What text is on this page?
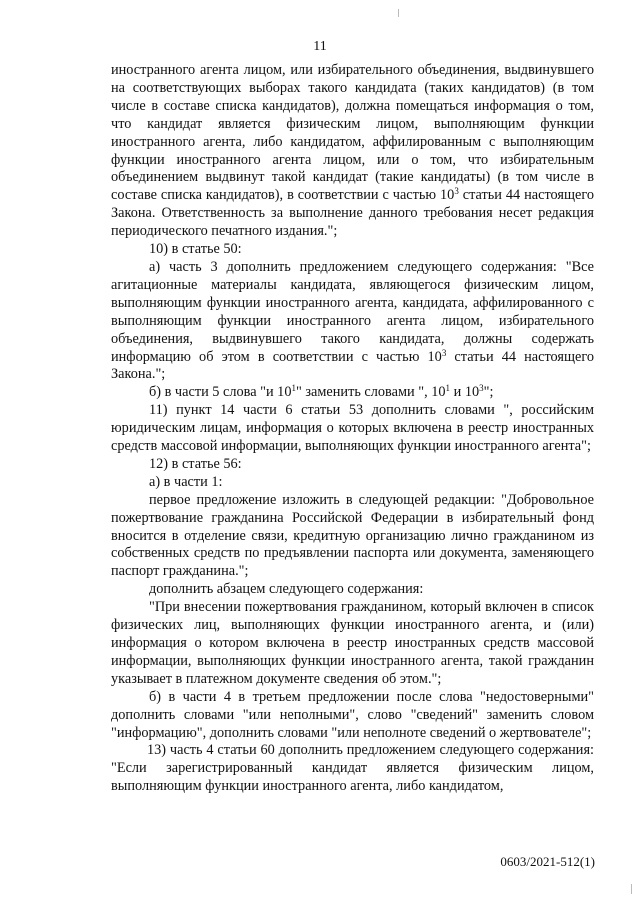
11

иностранного агента лицом, или избирательного объединения, выдвинувшего на соответствующих выборах такого кандидата (таких кандидатов) (в том числе в составе списка кандидатов), должна помещаться информация о том, что кандидат является физическим лицом, выполняющим функции иностранного агента, либо кандидатом, аффилированным с выполняющим функции иностранного агента лицом, или о том, что избирательным объединением выдвинут такой кандидат (такие кандидаты) (в том числе в составе списка кандидатов), в соответствии с частью $10^3$ статьи 44 настоящего Закона. Ответственность за выполнение данного требования несет редакция периодического печатного издания.";

10) в статье 50:

а) часть 3 дополнить предложением следующего содержания: "Все агитационные материалы кандидата, являющегося физическим лицом, выполняющим функции иностранного агента, кандидата, аффилированного с выполняющим функции иностранного агента лицом, избирательного объединения, выдвинувшего такого кандидата, должны содержать информацию об этом в соответствии с частью $10^3$ статьи 44 настоящего Закона.";

б) в части 5 слова "и $10^1$" заменить словами ", $10^1$ и $10^3$";

11) пункт 14 части 6 статьи 53 дополнить словами ", российским юридическим лицам, информация о которых включена в реестр иностранных средств массовой информации, выполняющих функции иностранного агента";

12) в статье 56:

а) в части 1:

первое предложение изложить в следующей редакции: "Добровольное пожертвование гражданина Российской Федерации в избирательный фонд вносится в отделение связи, кредитную организацию лично гражданином из собственных средств по предъявлении паспорта или документа, заменяющего паспорт гражданина.";

дополнить абзацем следующего содержания:

"При внесении пожертвования гражданином, который включен в список физических лиц, выполняющих функции иностранного агента, и (или) информация о котором включена в реестр иностранных средств массовой информации, выполняющих функции иностранного агента, такой гражданин указывает в платежном документе сведения об этом.";

б) в части 4 в третьем предложении после слова "недостоверными" дополнить словами "или неполными", слово "сведений" заменить словом "информацию", дополнить словами "или неполноте сведений о жертвователе";

13) часть 4 статьи 60 дополнить предложением следующего содержания: "Если зарегистрированный кандидат является физическим лицом, выполняющим функции иностранного агента, либо кандидатом,

0603/2021-512(1)
